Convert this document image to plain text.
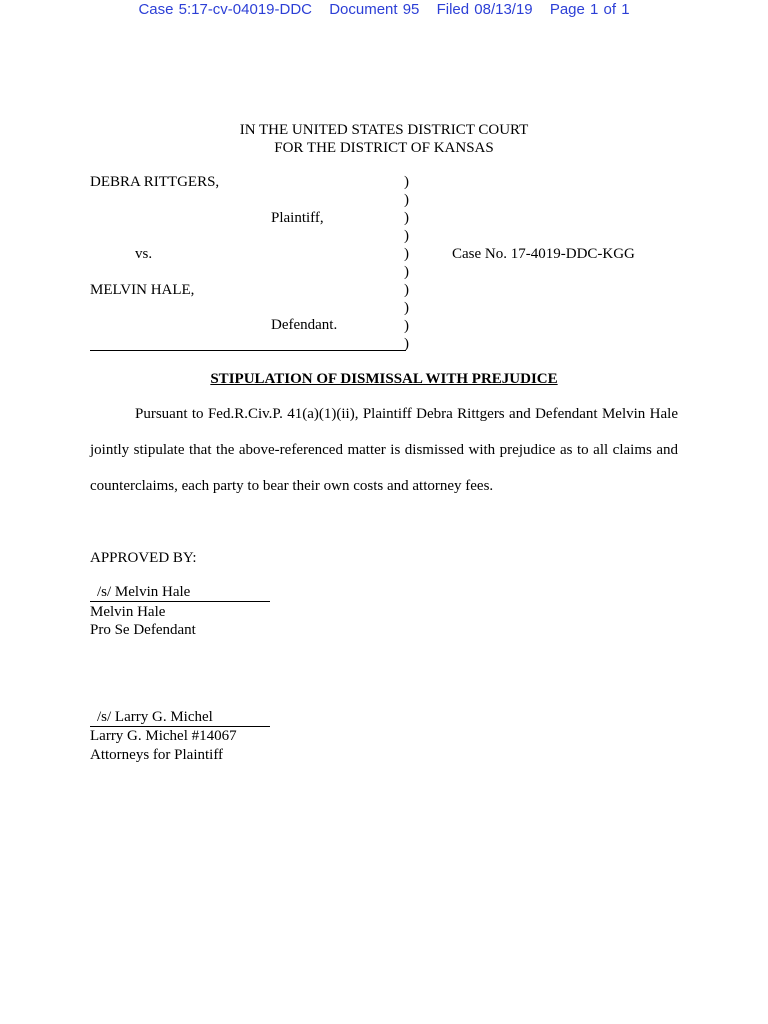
Case 5:17-cv-04019-DDC Document 95 Filed 08/13/19 Page 1 of 1
IN THE UNITED STATES DISTRICT COURT
FOR THE DISTRICT OF KANSAS
DEBRA RITTGERS,
Plaintiff,
vs.
MELVIN HALE,
Defendant.
Case No. 17-4019-DDC-KGG
)
)
)
)
)
)
)
)
)
)
STIPULATION OF DISMISSAL WITH PREJUDICE
Pursuant to Fed.R.Civ.P. 41(a)(1)(ii), Plaintiff Debra Rittgers and Defendant Melvin Hale jointly stipulate that the above-referenced matter is dismissed with prejudice as to all claims and counterclaims, each party to bear their own costs and attorney fees.
APPROVED BY:
/s/ Melvin Hale
Melvin Hale
Pro Se Defendant
/s/ Larry G. Michel
Larry G. Michel #14067
Attorneys for Plaintiff
